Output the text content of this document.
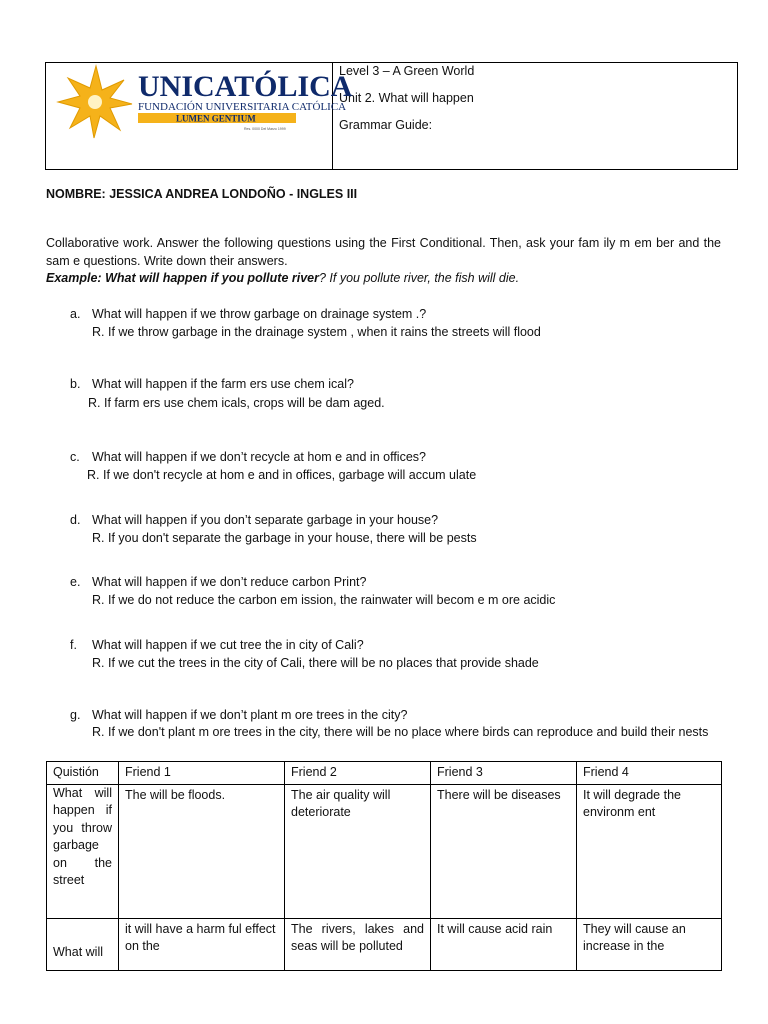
UNICATÓLICA
FUNDACIÓN UNIVERSITARIA CATÓLICA
LUMEN GENTIUM
Res. 0000 Del Marzo 1999
Level 3 – A Green World
Unit 2. What will happen
Grammar Guide:
NOMBRE: JESSICA ANDREA LONDOÑO - INGLES III
Collaborative work. Answer the following questions using the First Conditional. Then, ask your fam ily m em ber and the sam e questions. Write down their answers.
Example: What will happen if you pollute river? If you pollute river, the fish will die.
a. What will happen if we throw garbage on drainage system .?
R. If we throw garbage in the drainage system , when it rains the streets will flood
b. What will happen if the farm ers use chem ical?
R. If farm ers use chem icals, crops will be dam aged.
c. What will happen if we don’t recycle at hom e and in offices?
R. If we don't recycle at hom e and in offices, garbage will accum ulate
d. What will happen if you don’t separate garbage in your house?
R. If you don't separate the garbage in your house, there will be pests
e. What will happen if we don’t reduce carbon Print?
R. If we do not reduce the carbon em ission, the rainwater will becom e m ore acidic
f.	What will happen if we cut tree the in city of Cali?
R. If we cut the trees in the city of Cali, there will be no places that provide shade
g. What will happen if we don’t plant m ore trees in the city?
R. If we don't plant m ore trees in the city, there will be no place where birds can reproduce and build their nests
Quistión	Friend 1	Friend 2	Friend 3	Friend 4
What will happen if you throw garbage on the street	The will be floods.	The air quality will deteriorate	There will be diseases	It will degrade the environm ent
What will	it will have a harm ful effect on the	The rivers, lakes and seas will be polluted	It will cause acid rain	They will cause an increase in the
